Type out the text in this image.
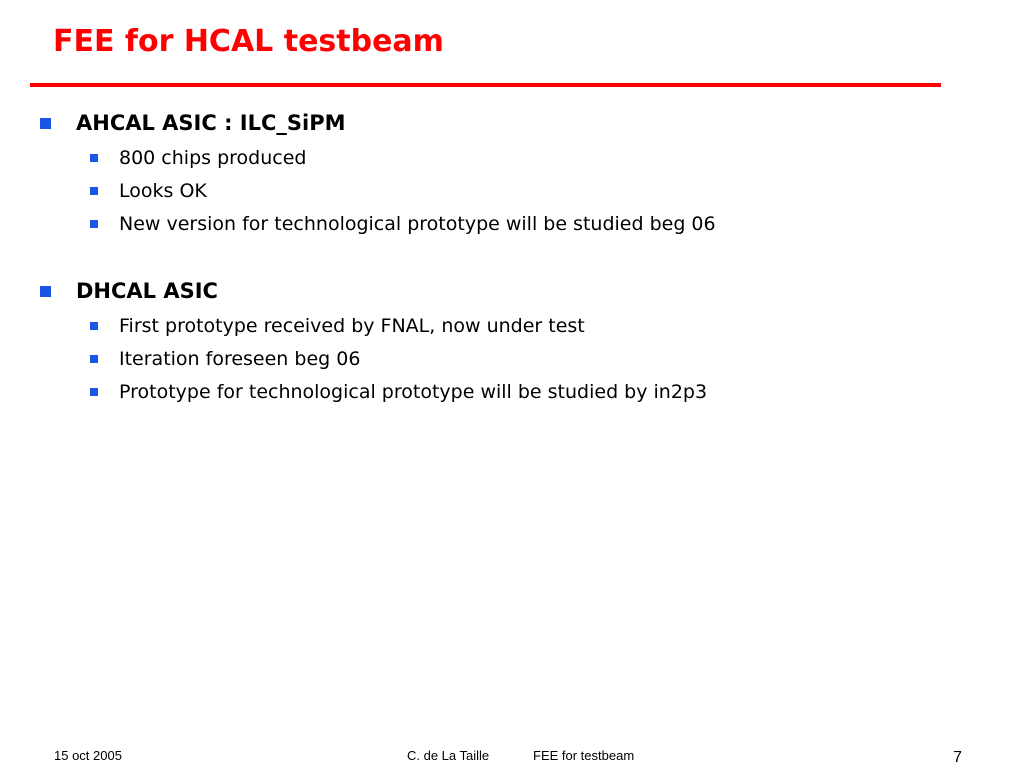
FEE for HCAL testbeam
AHCAL ASIC : ILC_SiPM
800 chips produced
Looks OK
New version for technological prototype will be studied beg 06
DHCAL ASIC
First prototype received by FNAL, now under test
Iteration foreseen beg 06
Prototype for technological prototype will be studied by in2p3
15 oct 2005	C. de La Taille	FEE for testbeam	7
